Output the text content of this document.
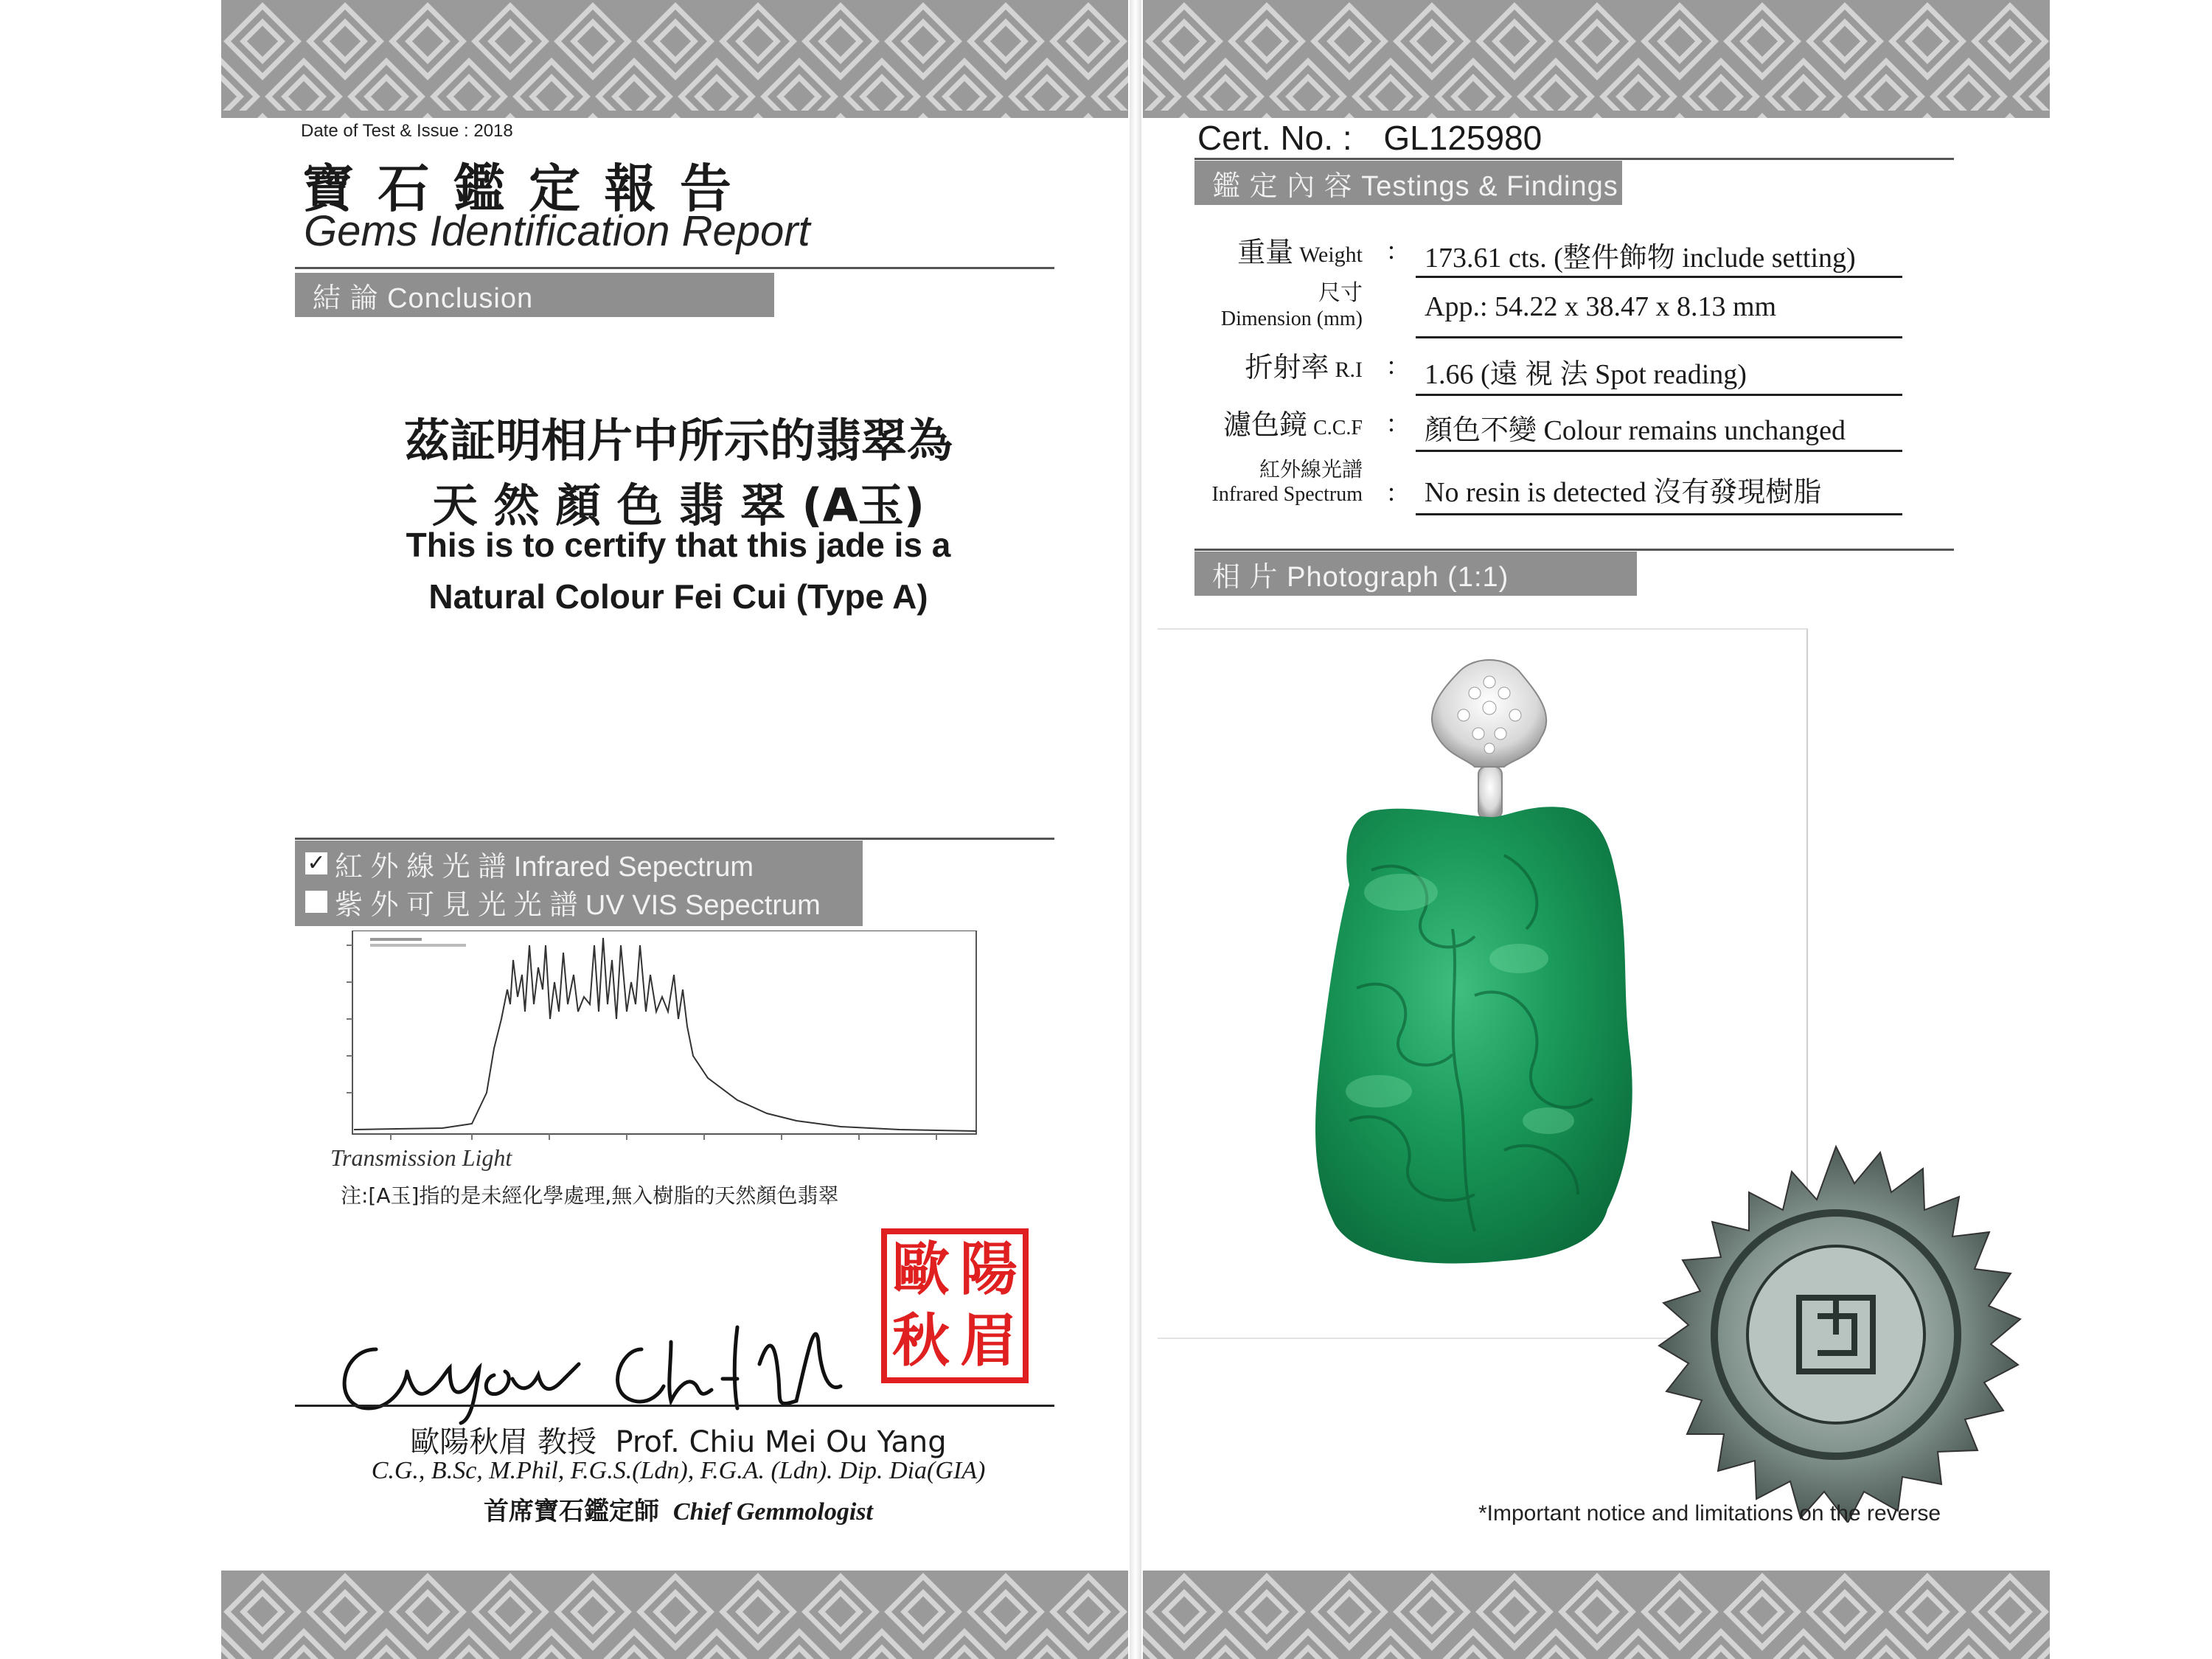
Date of Test & Issue : 2018
寶 石 鑑 定 報 告
Gems Identification Report
結 論 Conclusion
茲証明相片中所示的翡翠為
天 然 顏 色 翡 翠 (A玉)
This is to certify that this jade is a
Natural Colour Fei Cui (Type A)
✓ 紅 外 線 光 譜 Infrared Sepectrum
紫 外 可 見 光 光 譜 UV VIS Sepectrum
Transmission Light
注:[A玉]指的是未經化學處理,無入樹脂的天然顏色翡翠
歐 陽
秋 眉
歐陽秋眉 教授 Prof. Chiu Mei Ou Yang
C.G., B.Sc, M.Phil, F.G.S.(Ldn), F.G.A. (Ldn). Dip. Dia(GIA)
首席寶石鑑定師 Chief Gemmologist
Cert. No. : GL125980
鑑 定 內 容 Testings & Findings
重量 Weight : 173.61 cts. (整件飾物 include setting)
尺寸
Dimension (mm) App.: 54.22 x 38.47 x 8.13 mm
折射率 R.I : 1.66 (遠 視 法 Spot reading)
濾色鏡 C.C.F : 顏色不變 Colour remains unchanged
紅外線光譜
Infrared Spectrum : No resin is detected 沒有發現樹脂
相 片 Photograph (1:1)
*Important notice and limitations on the reverse
